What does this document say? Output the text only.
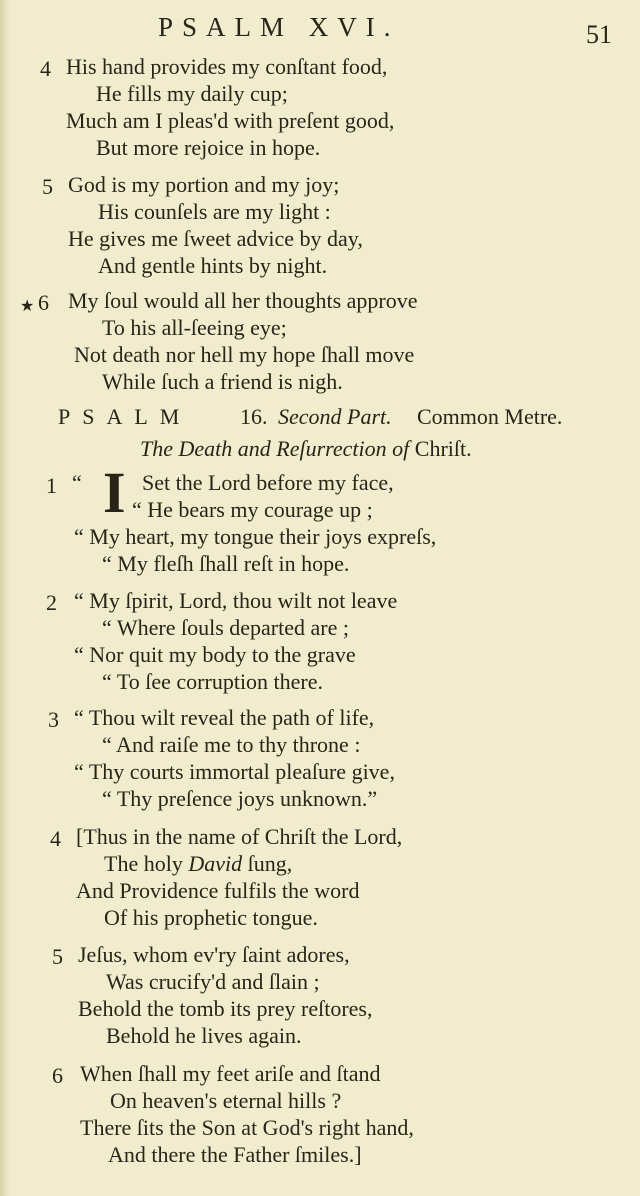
PSALM XVI.	51
★
4 His hand provides my conſtant food,
He fills my daily cup;
Much am I pleas'd with preſent good,
But more rejoice in hope.
5 God is my portion and my joy;
His counſels are my light :
He gives me ſweet advice by day,
And gentle hints by night.
6 My ſoul would all her thoughts approve
To his all-ſeeing eye;
Not death nor hell my hope ſhall move
While ſuch a friend is nigh.
PSALM 16. Second Part. Common Metre.
The Death and Reſurrection of Chriſt.
I
1 “	Set the Lord before my face,
“ He bears my courage up ;
“ My heart, my tongue their joys expreſs,
“ My fleſh ſhall reſt in hope.
2 “ My ſpirit, Lord, thou wilt not leave
“ Where ſouls departed are ;
“ Nor quit my body to the grave
“ To ſee corruption there.
3 “ Thou wilt reveal the path of life,
“ And raiſe me to thy throne :
“ Thy courts immortal pleaſure give,
“ Thy preſence joys unknown.”
4 [Thus in the name of Chriſt the Lord,
The holy David ſung,
And Providence fulfils the word
Of his prophetic tongue.
5 Jeſus, whom ev'ry ſaint adores,
Was crucify'd and ſlain ;
Behold the tomb its prey reſtores,
Behold he lives again.
6 When ſhall my feet ariſe and ſtand
On heaven's eternal hills ?
There ſits the Son at God's right hand,
And there the Father ſmiles.]
